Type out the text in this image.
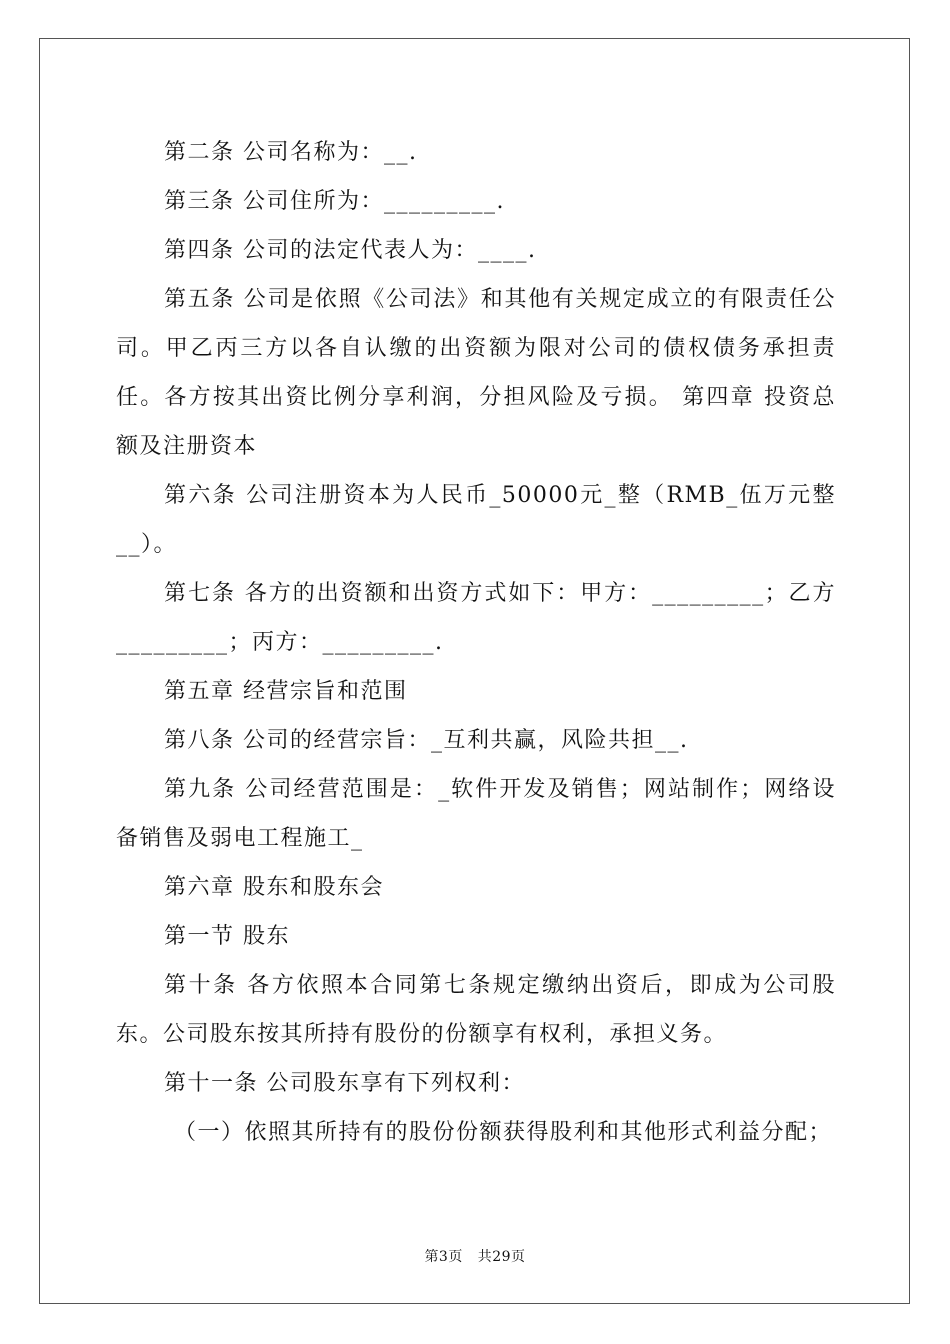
第二条 公司名称为：__.

第三条 公司住所为：_________.

第四条 公司的法定代表人为：____.

第五条 公司是依照《公司法》和其他有关规定成立的有限责任公司。甲乙丙三方以各自认缴的出资额为限对公司的债权债务承担责任。各方按其出资比例分享利润，分担风险及亏损。 第四章 投资总额及注册资本

第六条 公司注册资本为人民币_50000元_整（RMB_伍万元整__）。

第七条 各方的出资额和出资方式如下：甲方：_________；乙方_________；丙方：_________.

第五章 经营宗旨和范围

第八条 公司的经营宗旨：_互利共赢，风险共担__.

第九条 公司经营范围是：_软件开发及销售；网站制作；网络设备销售及弱电工程施工_

第六章 股东和股东会

第一节 股东

第十条 各方依照本合同第七条规定缴纳出资后，即成为公司股东。公司股东按其所持有股份的份额享有权利，承担义务。

第十一条 公司股东享有下列权利：

（一）依照其所持有的股份份额获得股利和其他形式利益分配；

第3页 共29页
